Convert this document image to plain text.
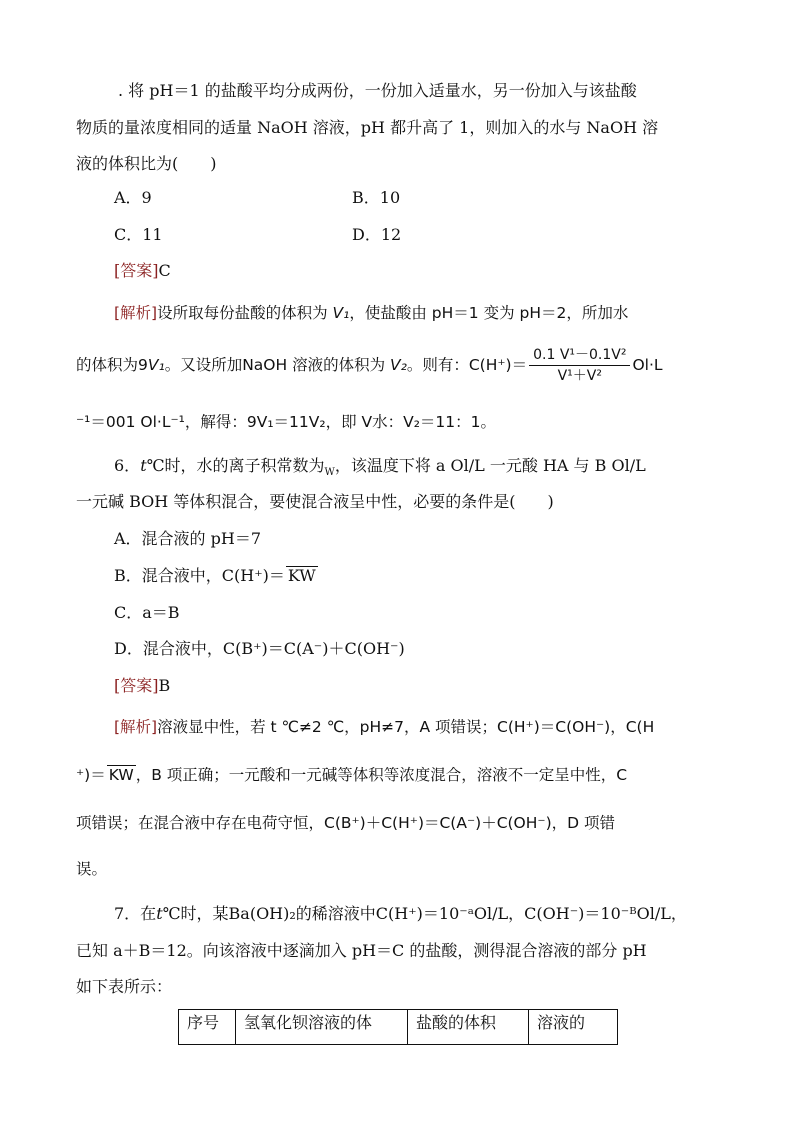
. 将 pH＝1 的盐酸平均分成两份，一份加入适量水，另一份加入与该盐酸
物质的量浓度相同的适量 NaOH 溶液，pH 都升高了 1，则加入的水与 NaOH 溶
液的体积比为(　　)
A．9	B．10
C．11	D．12
[答案]C
[解析]设所取每份盐酸的体积为 V₁，使盐酸由 pH＝1 变为 pH＝2，所加水
的体积为9V₁。又设所加NaOH 溶液的体积为 V₂。则有：$C(H^+)= \frac{\text{0.1 V¹－0.1V²}}{\text{V¹＋V²}} Ol\cdot L$
⁻¹＝001 Ol·L⁻¹，解得：9V₁＝11V₂，即 V水：V₂＝11：1。
6．t℃时，水的离子积常数为$_W$，该温度下将 a Ol/L 一元酸 HA 与 B Ol/L
一元碱 BOH 等体积混合，要使混合液呈中性，必要的条件是(　　)
A．混合液的 pH＝7
B．混合液中，C(H⁺)＝ KW
C．a＝B
D．混合液中，C(B⁺)＝C(A⁻)＋C(OH⁻)
[答案]B
[解析]溶液显中性，若 t ℃≠2 ℃，pH≠7，A 项错误；C(H⁺)＝C(OH⁻)，C(H
⁺)＝ KW ，B 项正确；一元酸和一元碱等体积等浓度混合，溶液不一定呈中性，C
项错误；在混合液中存在电荷守恒，C(B⁺)＋C(H⁺)＝C(A⁻)＋C(OH⁻)，D 项错
误。
7．在t℃时，某Ba(OH)₂的稀溶液中C(H⁺)＝10⁻ᵃOl/L，C(OH⁻)＝10⁻ᴮOl/L，
已知 a＋B＝12。向该溶液中逐滴加入 pH＝C 的盐酸，测得混合溶液的部分 pH
如下表所示：
序号	氢氧化钡溶液的体	盐酸的体积	溶液的
